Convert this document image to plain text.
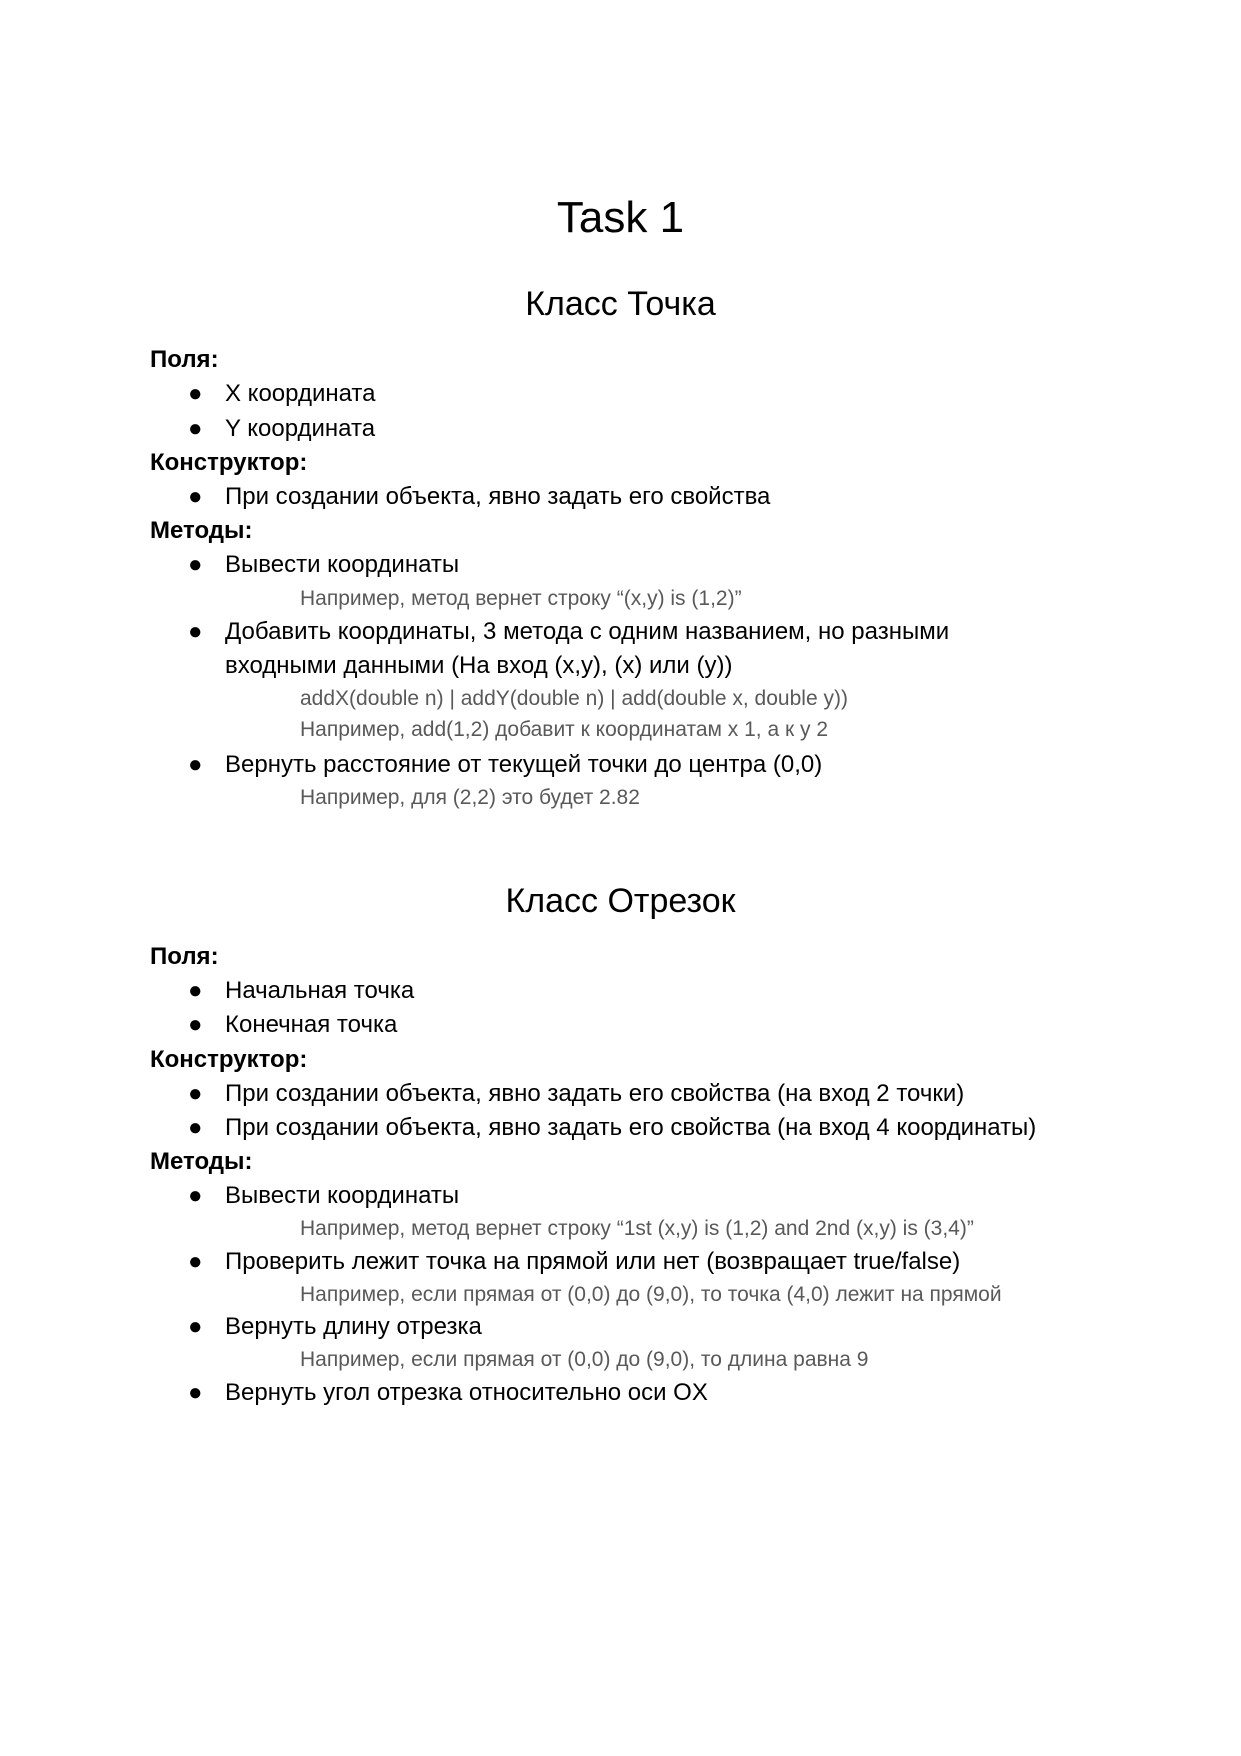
Task 1
Класс Точка
Поля:
● X координата
● Y координата
Конструктор:
● При создании объекта, явно задать его свойства
Методы:
● Вывести координаты
Например, метод вернет строку “(x,y) is (1,2)”
● Добавить координаты, 3 метода с одним названием, но разными
входными данными (На вход (x,y), (x) или (y))
addX(double n) | addY(double n) | add(double x, double y))
Например, add(1,2) добавит к координатам x 1, а к y 2
● Вернуть расстояние от текущей точки до центра (0,0)
Например, для (2,2) это будет 2.82
Класс Отрезок
Поля:
● Начальная точка
● Конечная точка
Конструктор:
● При создании объекта, явно задать его свойства (на вход 2 точки)
● При создании объекта, явно задать его свойства (на вход 4 координаты)
Методы:
● Вывести координаты
Например, метод вернет строку “1st (x,y) is (1,2) and 2nd (x,y) is (3,4)”
● Проверить лежит точка на прямой или нет (возвращает true/false)
Например, если прямая от (0,0) до (9,0), то точка (4,0) лежит на прямой
● Вернуть длину отрезка
Например, если прямая от (0,0) до (9,0), то длина равна 9
● Вернуть угол отрезка относительно оси OX
